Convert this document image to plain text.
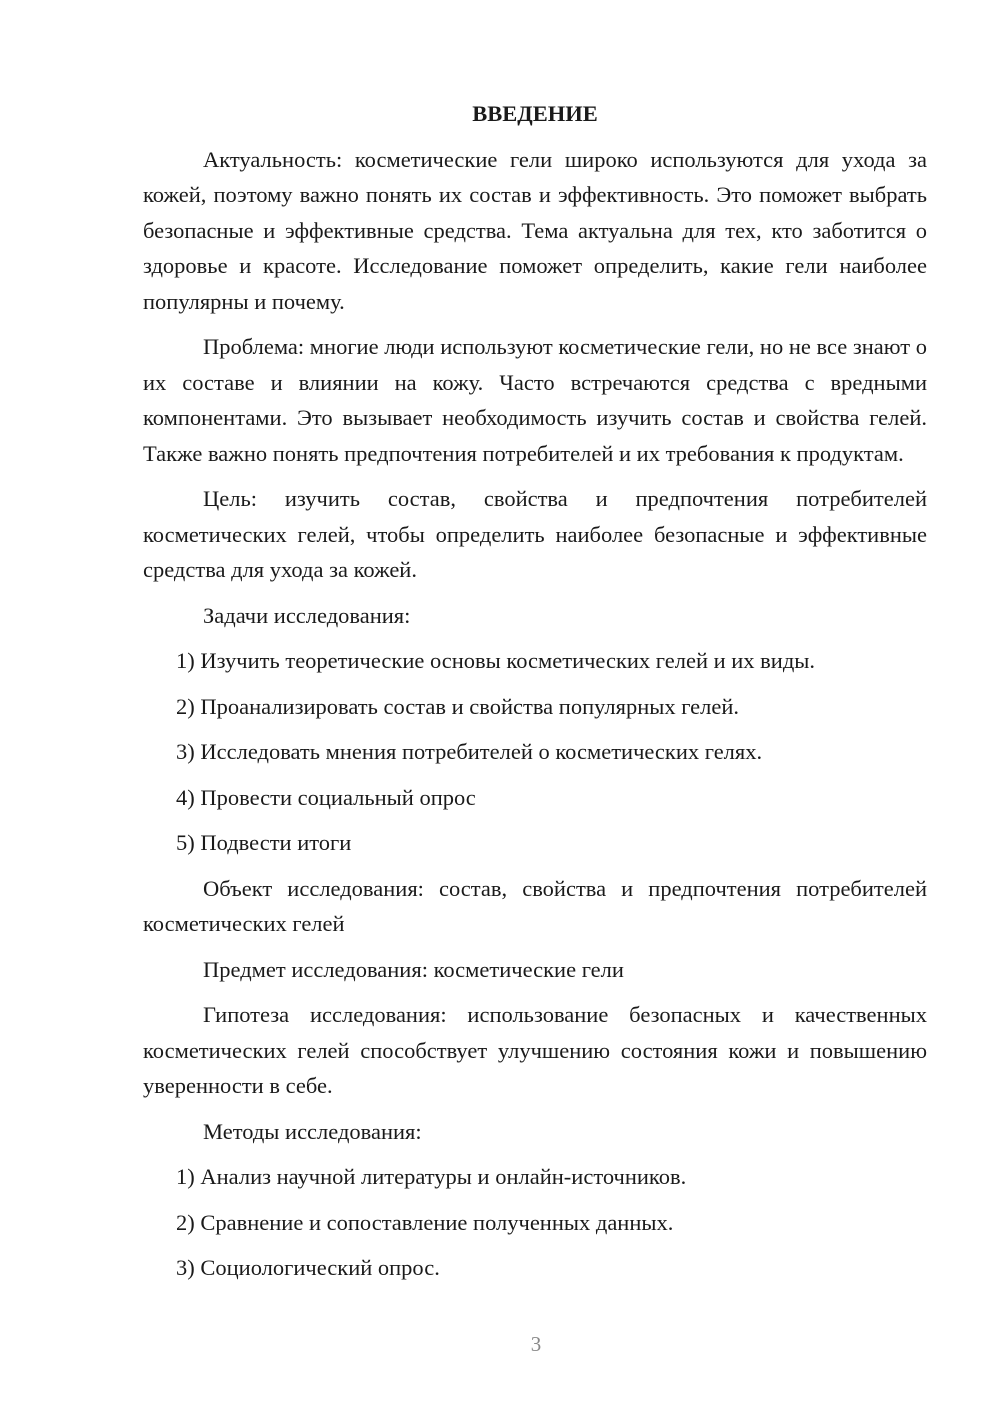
ВВЕДЕНИЕ
Актуальность: косметические гели широко используются для ухода за кожей, поэтому важно понять их состав и эффективность. Это поможет выбрать безопасные и эффективные средства. Тема актуальна для тех, кто заботится о здоровье и красоте. Исследование поможет определить, какие гели наиболее популярны и почему.
Проблема: многие люди используют косметические гели, но не все знают о их составе и влиянии на кожу. Часто встречаются средства с вредными компонентами. Это вызывает необходимость изучить состав и свойства гелей. Также важно понять предпочтения потребителей и их требования к продуктам.
Цель: изучить состав, свойства и предпочтения потребителей косметических гелей, чтобы определить наиболее безопасные и эффективные средства для ухода за кожей.
Задачи исследования:
1) Изучить теоретические основы косметических гелей и их виды.
2) Проанализировать состав и свойства популярных гелей.
3) Исследовать мнения потребителей о косметических гелях.
4) Провести социальный опрос
5) Подвести итоги
Объект исследования: состав, свойства и предпочтения потребителей косметических гелей
Предмет исследования: косметические гели
Гипотеза исследования: использование безопасных и качественных косметических гелей способствует улучшению состояния кожи и повышению уверенности в себе.
Методы исследования:
1) Анализ научной литературы и онлайн-источников.
2) Сравнение и сопоставление полученных данных.
3) Социологический опрос.
3
